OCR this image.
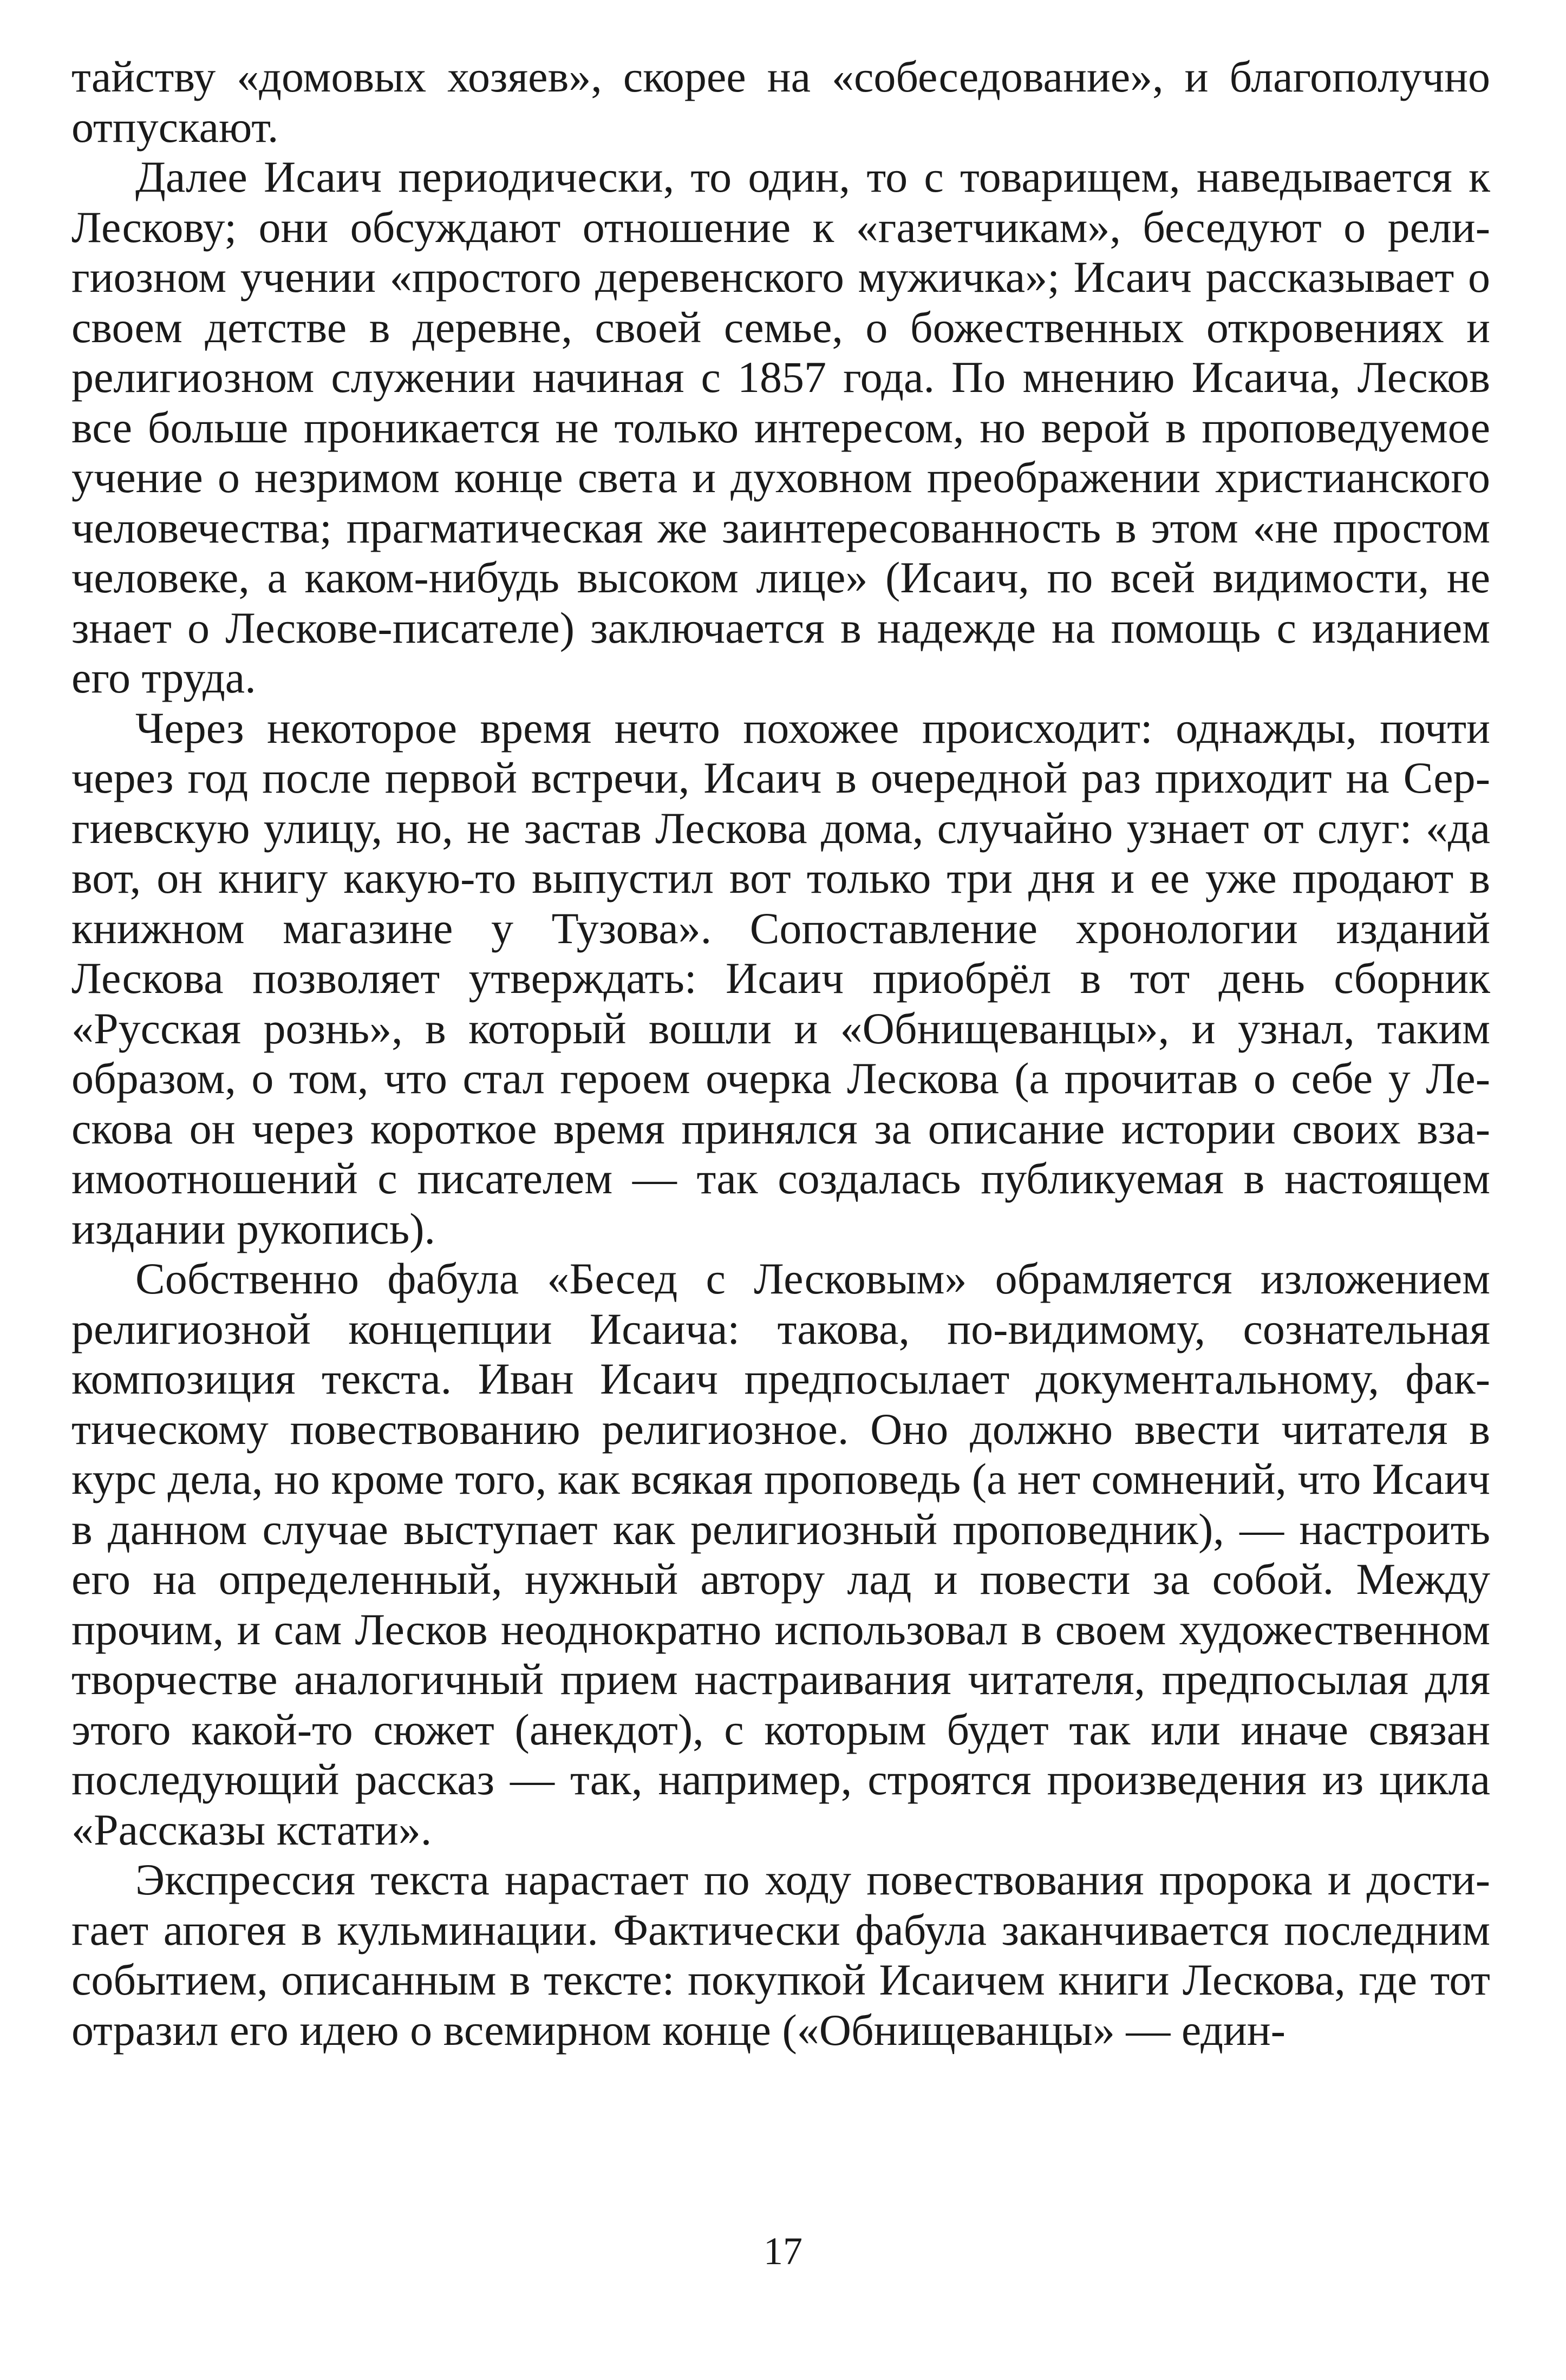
тайству «домовых хозяев», скорее на «собеседование», и благополучно отпускают.

Далее Исаич периодически, то один, то с товарищем, наведывается к Лескову; они обсуждают отношение к «газетчикам», беседуют о религиозном учении «простого деревенского мужичка»; Исаич рассказывает о своем детстве в деревне, своей семье, о божественных откровениях и религиозном служении начиная с 1857 года. По мнению Исаича, Лесков все больше проникается не только интересом, но верой в проповедуемое учение о незримом конце света и духовном преображении христианского человечества; прагматическая же заинтересованность в этом «не простом человеке, а каком-нибудь высоком лице» (Исаич, по всей видимости, не знает о Лескове-писателе) заключается в надежде на помощь с изданием его труда.

Через некоторое время нечто похожее происходит: однажды, почти через год после первой встречи, Исаич в очередной раз приходит на Сергиевскую улицу, но, не застав Лескова дома, случайно узнает от слуг: «да вот, он книгу какую-то выпустил вот только три дня и ее уже продают в книжном магазине у Тузова». Сопоставление хронологии изданий Лескова позволяет утверждать: Исаич приобрёл в тот день сборник «Русская рознь», в который вошли и «Обнищеванцы», и узнал, таким образом, о том, что стал героем очерка Лескова (а прочитав о себе у Лескова он через короткое время принялся за описание истории своих взаимоотношений с писателем — так создалась публикуемая в настоящем издании рукопись).

Собственно фабула «Бесед с Лесковым» обрамляется изложением религиозной концепции Исаича: такова, по-видимому, сознательная композиция текста. Иван Исаич предпосылает документальному, фактическому повествованию религиозное. Оно должно ввести читателя в курс дела, но кроме того, как всякая проповедь (а нет сомнений, что Исаич в данном случае выступает как религиозный проповедник), — настроить его на определенный, нужный автору лад и повести за собой. Между прочим, и сам Лесков неоднократно использовал в своем художественном творчестве аналогичный прием настраивания читателя, предпосылая для этого какой-то сюжет (анекдот), с которым будет так или иначе связан последующий рассказ — так, например, строятся произведения из цикла «Рассказы кстати».

Экспрессия текста нарастает по ходу повествования пророка и достигает апогея в кульминации. Фактически фабула заканчивается последним событием, описанным в тексте: покупкой Исаичем книги Лескова, где тот отразил его идею о всемирном конце («Обнищеванцы» — един-

17
